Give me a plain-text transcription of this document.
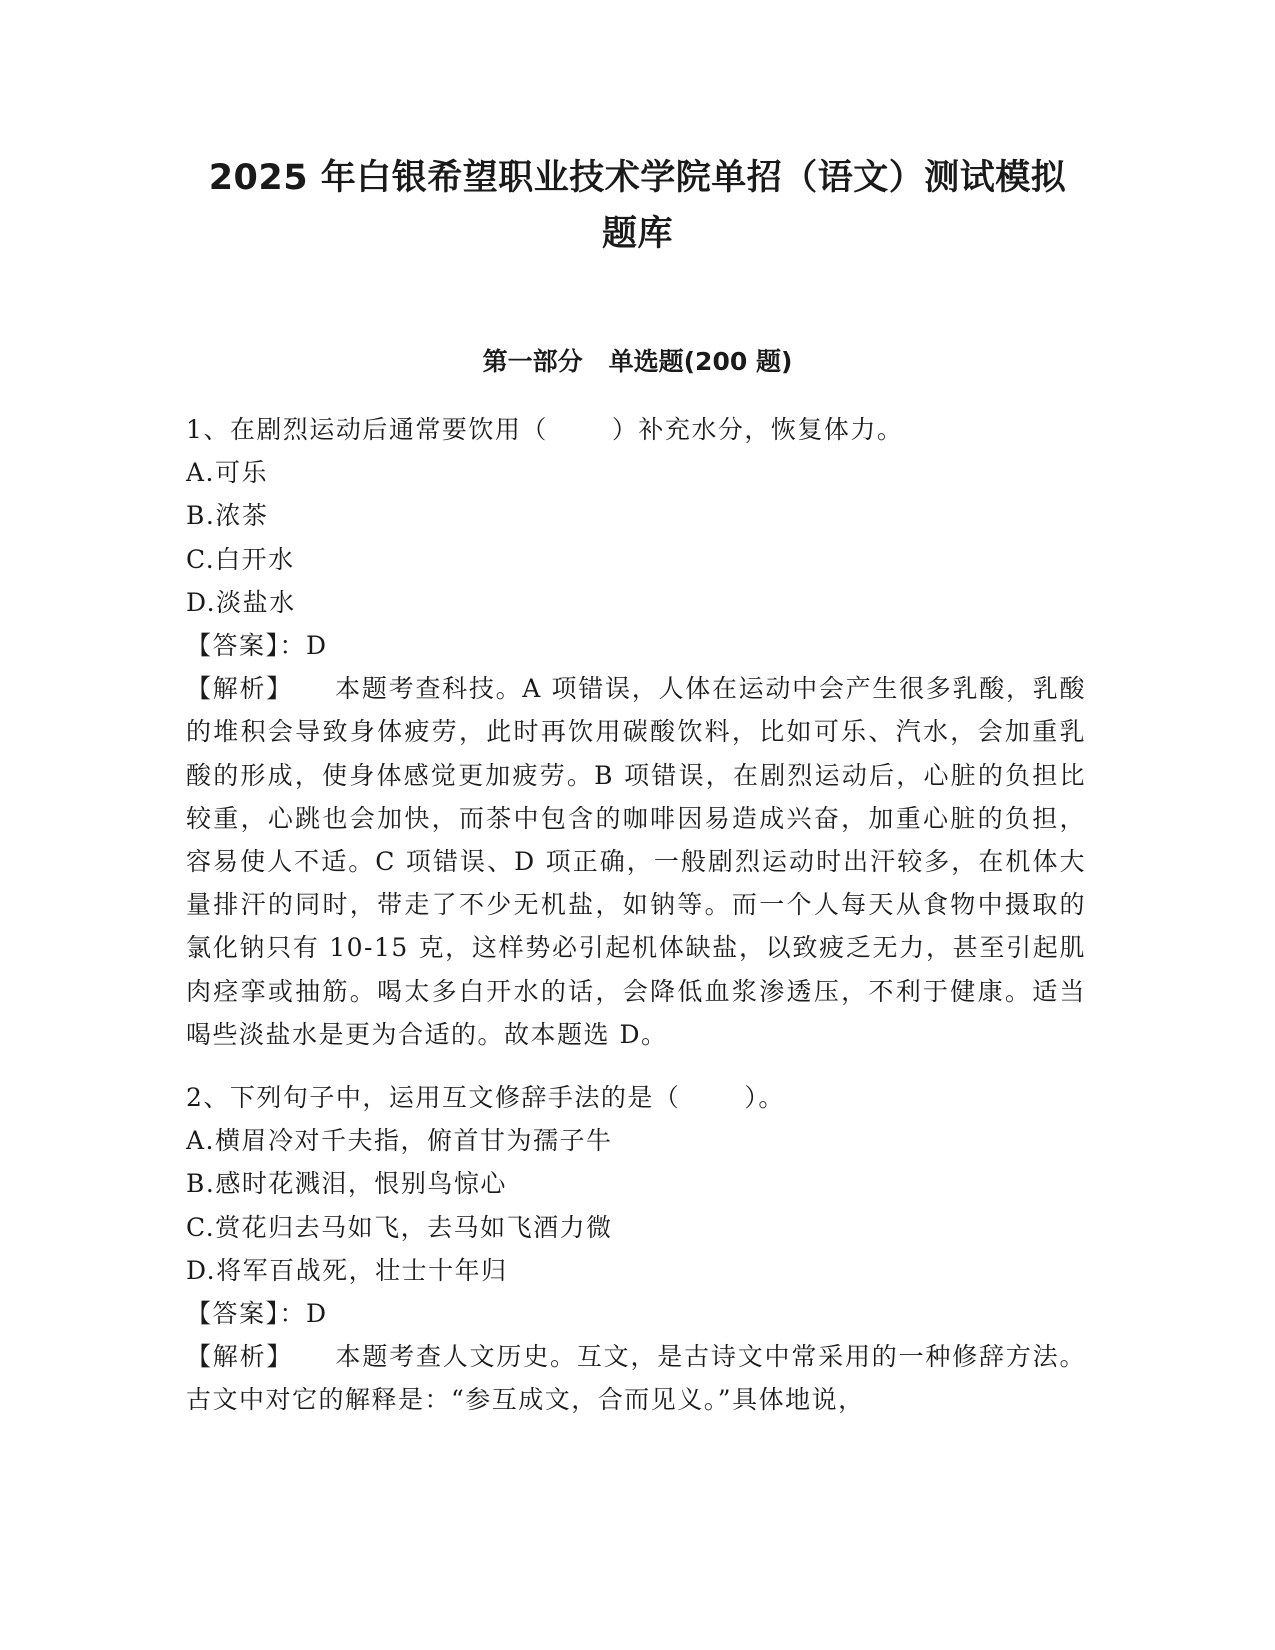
2025 年白银希望职业技术学院单招（语文）测试模拟
题库
第一部分 单选题(200 题)
1、在剧烈运动后通常要饮用（	）补充水分，恢复体力。
A.可乐
B.浓茶
C.白开水
D.淡盐水
【答案】：D
【解析】 本题考查科技。A 项错误，人体在运动中会产生很多乳酸，乳酸的堆积会导致身体疲劳，此时再饮用碳酸饮料，比如可乐、汽水，会加重乳酸的形成，使身体感觉更加疲劳。B 项错误，在剧烈运动后，心脏的负担比较重，心跳也会加快，而茶中包含的咖啡因易造成兴奋，加重心脏的负担，容易使人不适。C 项错误、D 项正确，一般剧烈运动时出汗较多，在机体大量排汗的同时，带走了不少无机盐，如钠等。而一个人每天从食物中摄取的氯化钠只有 10-15 克，这样势必引起机体缺盐，以致疲乏无力，甚至引起肌肉痉挛或抽筋。喝太多白开水的话，会降低血浆渗透压，不利于健康。适当喝些淡盐水是更为合适的。故本题选 D。
2、下列句子中，运用互文修辞手法的是（	）。
A.横眉冷对千夫指，俯首甘为孺子牛
B.感时花溅泪，恨别鸟惊心
C.赏花归去马如飞，去马如飞酒力微
D.将军百战死，壮士十年归
【答案】：D
【解析】 本题考查人文历史。互文，是古诗文中常采用的一种修辞方法。古文中对它的解释是：“参互成文，合而见义。”具体地说，
